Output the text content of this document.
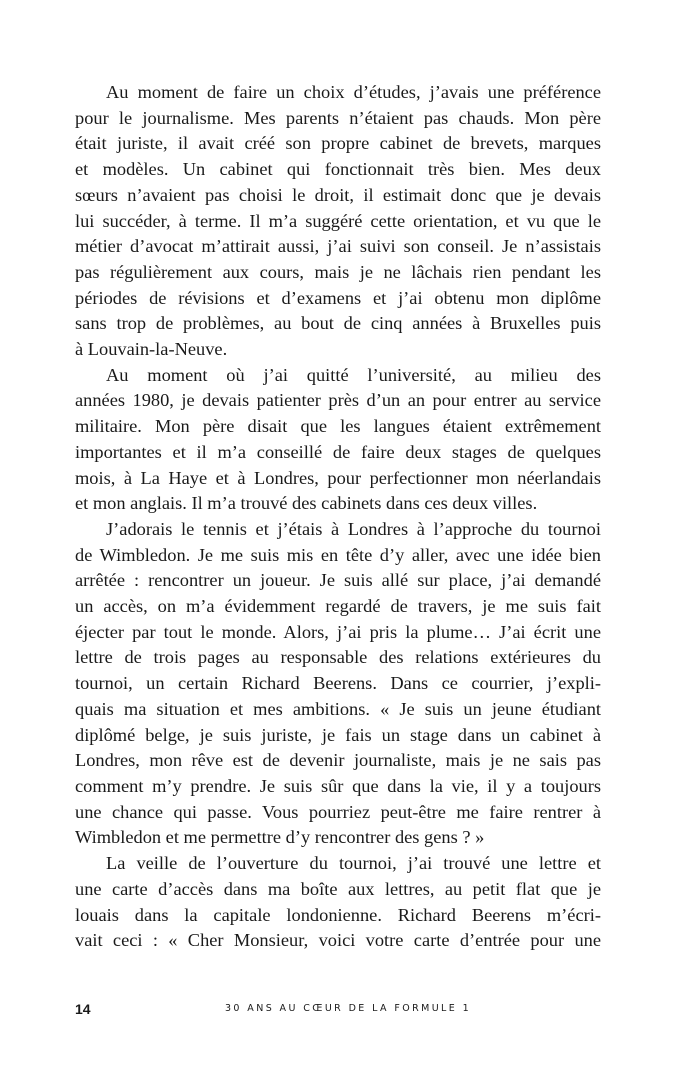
Au moment de faire un choix d’études, j’avais une préférence
pour le journalisme. Mes parents n’étaient pas chauds. Mon père
était juriste, il avait créé son propre cabinet de brevets, marques
et modèles. Un cabinet qui fonctionnait très bien. Mes deux
sœurs n’avaient pas choisi le droit, il estimait donc que je devais
lui succéder, à terme. Il m’a suggéré cette orientation, et vu que le
métier d’avocat m’attirait aussi, j’ai suivi son conseil. Je n’assistais
pas régulièrement aux cours, mais je ne lâchais rien pendant les
périodes de révisions et d’examens et j’ai obtenu mon diplôme
sans trop de problèmes, au bout de cinq années à Bruxelles puis
à Louvain-la-Neuve.
Au moment où j’ai quitté l’université, au milieu des
années 1980, je devais patienter près d’un an pour entrer au service
militaire. Mon père disait que les langues étaient extrêmement
importantes et il m’a conseillé de faire deux stages de quelques
mois, à La Haye et à Londres, pour perfectionner mon néerlandais
et mon anglais. Il m’a trouvé des cabinets dans ces deux villes.
J’adorais le tennis et j’étais à Londres à l’approche du tournoi
de Wimbledon. Je me suis mis en tête d’y aller, avec une idée bien
arrêtée : rencontrer un joueur. Je suis allé sur place, j’ai demandé
un accès, on m’a évidemment regardé de travers, je me suis fait
éjecter par tout le monde. Alors, j’ai pris la plume… J’ai écrit une
lettre de trois pages au responsable des relations extérieures du
tournoi, un certain Richard Beerens. Dans ce courrier, j’expli-
quais ma situation et mes ambitions. « Je suis un jeune étudiant
diplômé belge, je suis juriste, je fais un stage dans un cabinet à
Londres, mon rêve est de devenir journaliste, mais je ne sais pas
comment m’y prendre. Je suis sûr que dans la vie, il y a toujours
une chance qui passe. Vous pourriez peut-être me faire rentrer à
Wimbledon et me permettre d’y rencontrer des gens ? »
La veille de l’ouverture du tournoi, j’ai trouvé une lettre et
une carte d’accès dans ma boîte aux lettres, au petit flat que je
louais dans la capitale londonienne. Richard Beerens m’écri-
vait ceci : « Cher Monsieur, voici votre carte d’entrée pour une
14	30 ANS AU CŒUR DE LA FORMULE 1
